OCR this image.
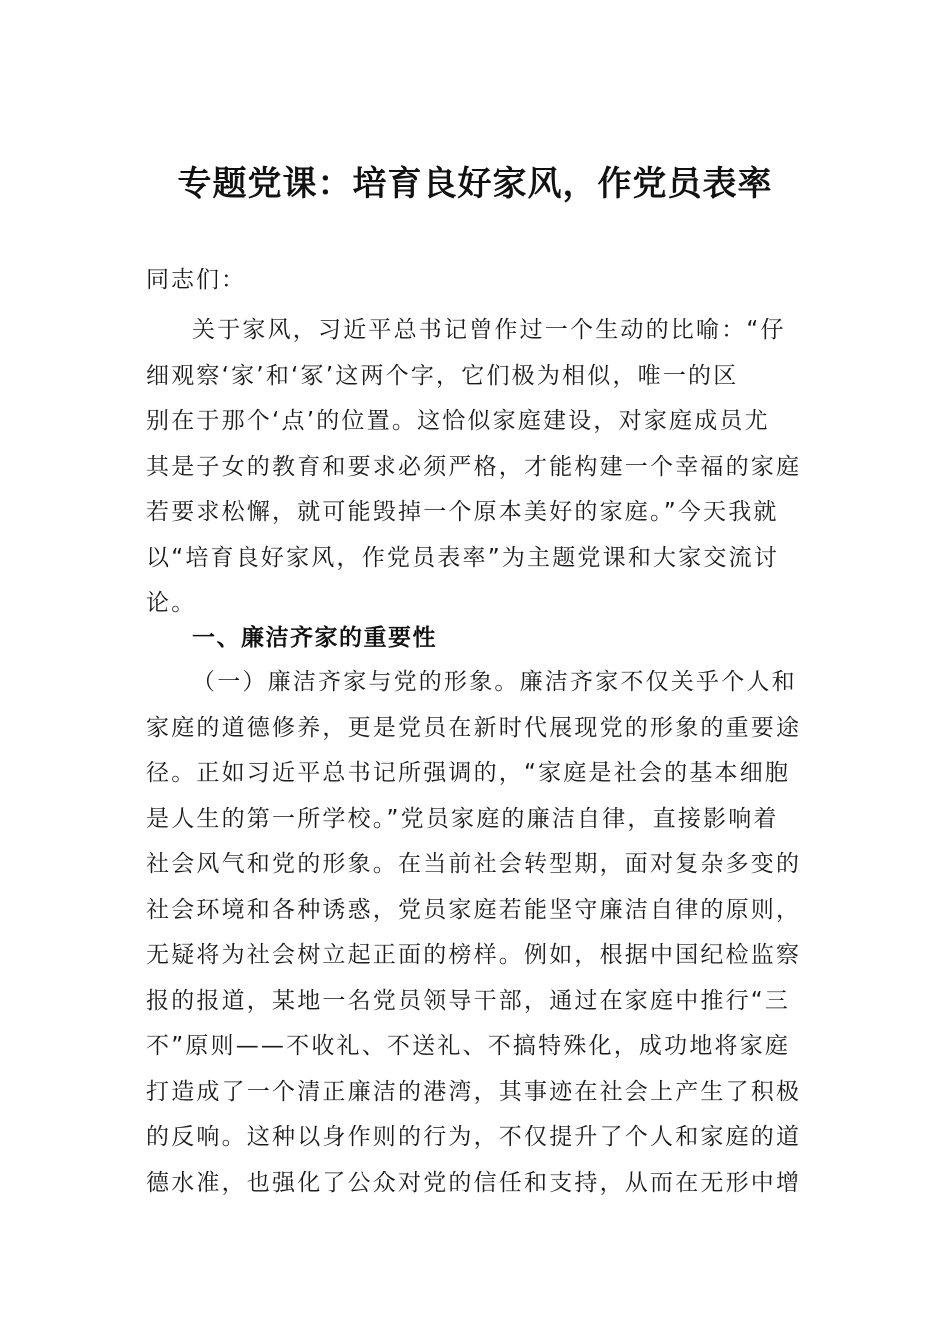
专题党课：培育良好家风，作党员表率
同志们：
关于家风，习近平总书记曾作过一个生动的比喻：“仔
细观察‘家’和‘冢’这两个字，它们极为相似，唯一的区
别在于那个‘点’的位置。这恰似家庭建设，对家庭成员尤
其是子女的教育和要求必须严格，才能构建一个幸福的家庭
若要求松懈，就可能毁掉一个原本美好的家庭。”今天我就
以“培育良好家风，作党员表率”为主题党课和大家交流讨
论。
一、廉洁齐家的重要性
（一）廉洁齐家与党的形象。廉洁齐家不仅关乎个人和
家庭的道德修养，更是党员在新时代展现党的形象的重要途
径。正如习近平总书记所强调的，“家庭是社会的基本细胞
是人生的第一所学校。”党员家庭的廉洁自律，直接影响着
社会风气和党的形象。在当前社会转型期，面对复杂多变的
社会环境和各种诱惑，党员家庭若能坚守廉洁自律的原则，
无疑将为社会树立起正面的榜样。例如，根据中国纪检监察
报的报道，某地一名党员领导干部，通过在家庭中推行“三
不”原则——不收礼、不送礼、不搞特殊化，成功地将家庭
打造成了一个清正廉洁的港湾，其事迹在社会上产生了积极
的反响。这种以身作则的行为，不仅提升了个人和家庭的道
德水准，也强化了公众对党的信任和支持，从而在无形中增
